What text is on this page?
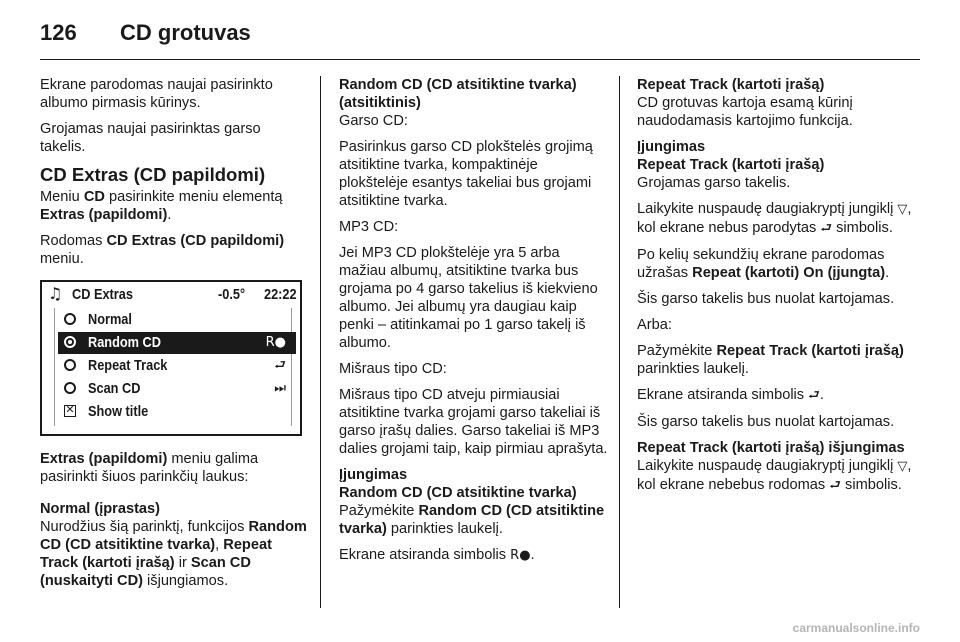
126 CD grotuvas

Ekrane parodomas naujai pasirinkto albumo pirmasis kūrinys.

Grojamas naujai pasirinktas garso takelis.

CD Extras (CD papildomi)

Meniu CD pasirinkite meniu elementą Extras (papildomi).

Rodomas CD Extras (CD papildomi) meniu.

♫ CD Extras	-0.5° 22:22
Normal
Random CD	R●
Repeat Track	⮐
Scan CD	⏭
✕ Show title

Extras (papildomi) meniu galima pasirinkti šiuos parinkčių laukus:

Normal (įprastas)

Nurodžius šią parinktį, funkcijos Random CD (CD atsitiktine tvarka), Repeat Track (kartoti įrašą) ir Scan CD (nuskaityti CD) išjungiamos.

Random CD (CD atsitiktine tvarka) (atsitiktinis)

Garso CD:

Pasirinkus garso CD plokštelės grojimą atsitiktine tvarka, kompaktinėje plokštelėje esantys takeliai bus grojami atsitiktine tvarka.

MP3 CD:

Jei MP3 CD plokštelėje yra 5 arba mažiau albumų, atsitiktine tvarka bus grojama po 4 garso takelius iš kiekvieno albumo. Jei albumų yra daugiau kaip penki – atitinkamai po 1 garso takelį iš albumo.

Mišraus tipo CD:

Mišraus tipo CD atveju pirmiausiai atsitiktine tvarka grojami garso takeliai iš garso įrašų dalies. Garso takeliai iš MP3 dalies grojami taip, kaip pirmiau aprašyta.

Įjungimas

Random CD (CD atsitiktine tvarka)

Pažymėkite Random CD (CD atsitiktine tvarka) parinkties laukelį.

Ekrane atsiranda simbolis R●.

Repeat Track (kartoti įrašą)

CD grotuvas kartoja esamą kūrinį naudodamasis kartojimo funkcija.

Įjungimas

Repeat Track (kartoti įrašą)

Grojamas garso takelis.

Laikykite nuspaudę daugiakryptį jungiklį ▽, kol ekrane nebus parodytas ⮐ simbolis.

Po kelių sekundžių ekrane parodomas užrašas Repeat (kartoti) On (įjungta).

Šis garso takelis bus nuolat kartojamas.

Arba:

Pažymėkite Repeat Track (kartoti įrašą) parinkties laukelį.

Ekrane atsiranda simbolis ⮐.

Šis garso takelis bus nuolat kartojamas.

Repeat Track (kartoti įrašą) išjungimas

Laikykite nuspaudę daugiakryptį jungiklį ▽, kol ekrane nebebus rodomas ⮐ simbolis.

carmanualsonline.info
